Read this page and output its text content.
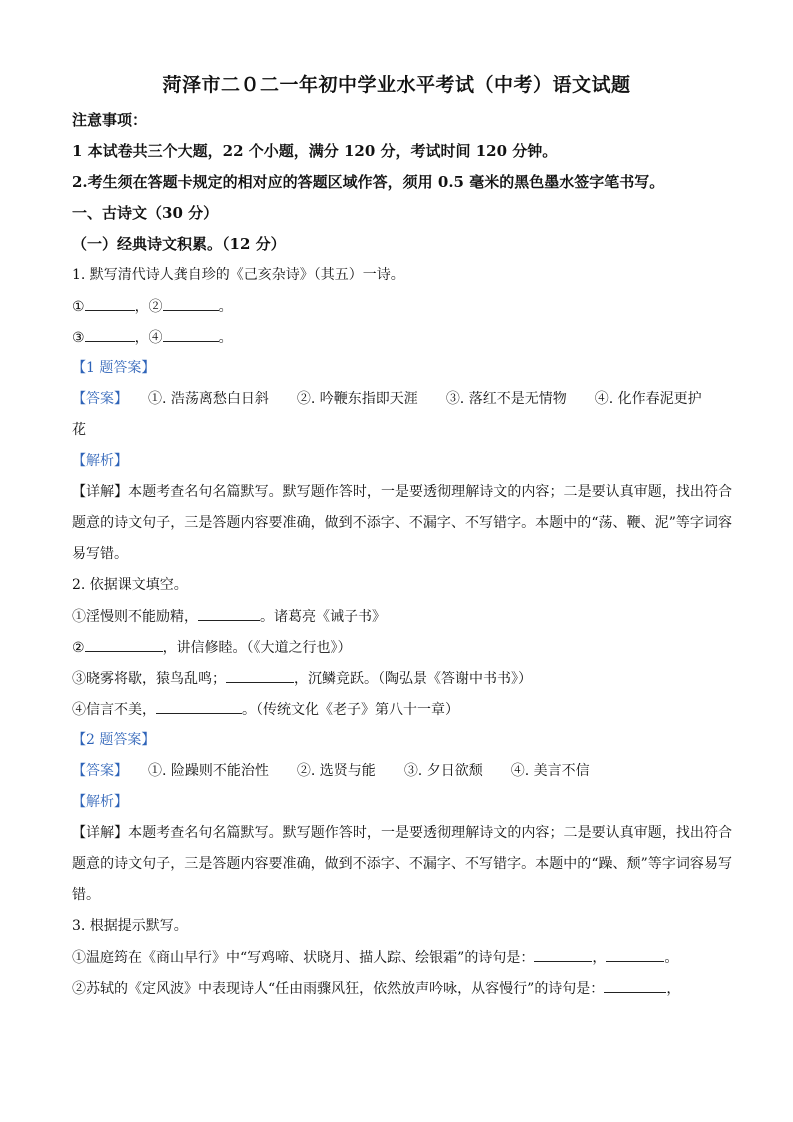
菏泽市二０二一年初中学业水平考试（中考）语文试题
注意事项：
1 本试卷共三个大题，22 个小题，满分 120 分，考试时间 120 分钟。
2.考生须在答题卡规定的相对应的答题区域作答，须用 0.5 毫米的黑色墨水签字笔书写。
一、古诗文（30 分）
（一）经典诗文积累。（12 分）
1. 默写清代诗人龚自珍的《己亥杂诗》（其五）一诗。
①	，②	。
③	，④	。
【1 题答案】
【答案】 ①. 浩荡离愁白日斜 ②. 吟鞭东指即天涯 ③. 落红不是无情物 ④. 化作春泥更护
花
【解析】
【详解】本题考查名句名篇默写。默写题作答时，一是要透彻理解诗文的内容；二是要认真审题，找出符合题意的诗文句子，三是答题内容要准确，做到不添字、不漏字、不写错字。本题中的“荡、鞭、泥”等字词容易写错。
2. 依据课文填空。
①淫慢则不能励精，	。诸葛亮《诫子书》
②	，讲信修睦。（《大道之行也》）
③晓雾将歇，猿鸟乱鸣；	，沉鳞竞跃。（陶弘景《答谢中书书》）
④信言不美，	。（传统文化《老子》第八十一章）
【2 题答案】
【答案】 ①. 险躁则不能治性 ②. 选贤与能 ③. 夕日欲颓 ④. 美言不信
【解析】
【详解】本题考查名句名篇默写。默写题作答时，一是要透彻理解诗文的内容；二是要认真审题，找出符合题意的诗文句子，三是答题内容要准确，做到不添字、不漏字、不写错字。本题中的“躁、颓”等字词容易写错。
3. 根据提示默写。
①温庭筠在《商山早行》中“写鸡啼、状晓月、描人踪、绘银霜”的诗句是：	，	。
②苏轼的《定风波》中表现诗人“任由雨骤风狂，依然放声吟咏，从容慢行”的诗句是：	，
